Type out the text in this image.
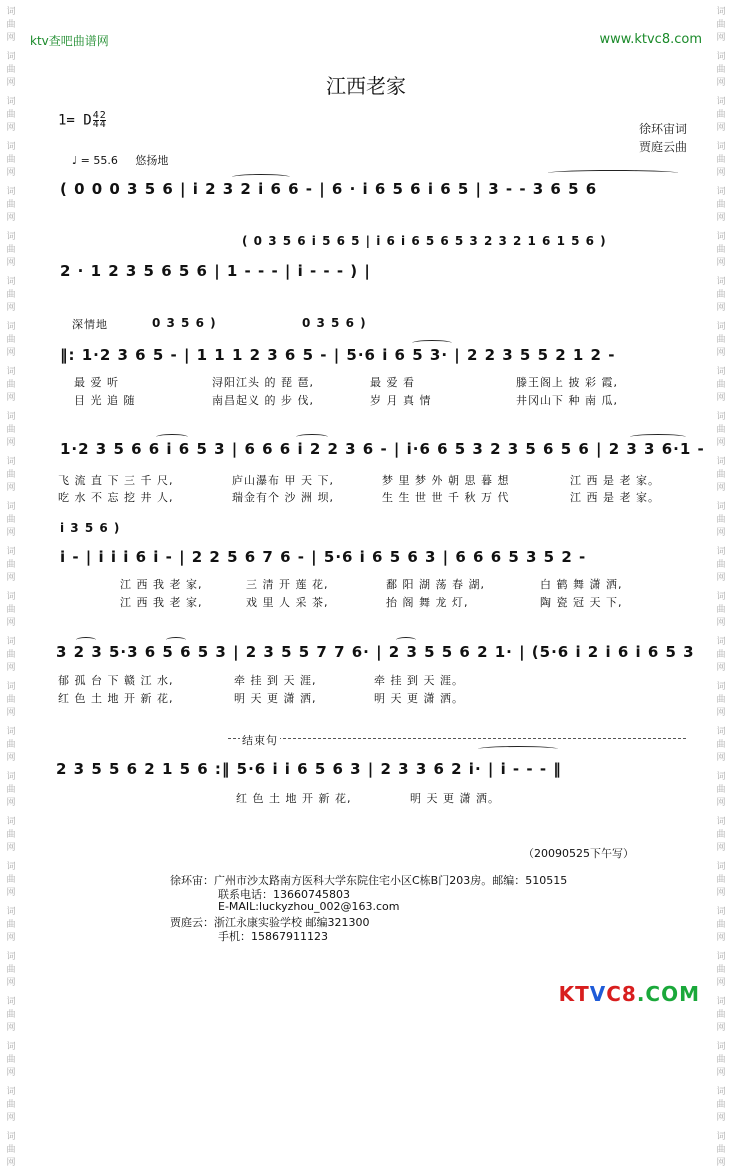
词
曲
网
词
曲
网
词
曲
网
词
曲
网
词
曲
网
词
曲
网
词
曲
网
词
曲
网
词
曲
网
词
曲
网
词
曲
网
词
曲
网
词
曲
网
词
曲
网
词
曲
网
词
曲
网
词
曲
网
词
曲
网
词
曲
网
词
曲
网
词
曲
网
词
曲
网
词
曲
网
词
曲
网
词
曲
网
词
曲
网
词
曲
网
词
曲
网
词
曲
网
词
曲
网
词
曲
网
词
曲
网
词
曲
网
词
曲
网
词
曲
网
词
曲
网
词
曲
网
词
曲
网
词
曲
网
词
曲
网
词
曲
网
词
曲
网
词
曲
网
词
曲
网
词
曲
网
词
曲
网
词
曲
网
词
曲
网
词
曲
网
词
曲
网
词
曲
网
词
曲
网
ktv查吧曲谱网	www.ktvc8.com
江西老家
1= D $\frac{4}{4} \frac{2}{4}$	徐环宙词
贾庭云曲
♩ = 55.6 悠扬地
( 0 0 0 3 5 6 | i 2 3 2 i 6 6 - | 6 · i 6 5 6 i 6 5 | 3 - - 3 6 5 6
( 0 3 5 6 i 5 6 5 | i 6 i 6 5 6 5 3 2 3 2 1 6 1 5 6 )
2 · 1 2 3 5 6 5 6 | 1 - - - | i - - - ) |
深情地	0 3 5 6 )	0 3 5 6 )
‖: 1·2 3 6 5 - | 1 1 1 2 3 6 5 - | 5·6 i 6 5 3· | 2 2 3 5 5 2 1 2 -
最 爱 听	浔阳江头 的 琵 琶,	最 爱 看	滕王阁上 披 彩 霞,
目 光 追 随	南昌起义 的 步 伐,	岁 月 真 情	井冈山下 种 南 瓜,
1·2 3 5 6 6 i 6 5 3 | 6 6 6 i 2 2 3 6 - | i·6 6 5 3 2 3 5 6 5 6 | 2 3 3 6·1 -
飞 流 直 下 三 千 尺,	庐山瀑布 甲 天 下,	梦 里 梦 外 朝 思 暮 想	江 西 是 老 家。
吃 水 不 忘 挖 井 人,	瑞金有个 沙 洲 坝,	生 生 世 世 千 秋 万 代	江 西 是 老 家。
i 3 5 6 )
i - | i i i 6 i - | 2 2 5 6 7 6 - | 5·6 i 6 5 6 3 | 6 6 6 5 3 5 2 -
江 西 我 老 家,	三 清 开 莲 花,	鄱 阳 湖 荡 春 湖,	白 鹤 舞 潇 洒,
江 西 我 老 家,	戏 里 人 采 茶,	抬 阁 舞 龙 灯,	陶 瓷 冠 天 下,
3 2 3 5·3 6 5 6 5 3 | 2 3 5 5 7 7 6· | 2 3 5 5 6 2 1· | (5·6 i 2 i 6 i 6 5 3
郁 孤 台 下 赣 江 水,	牵 挂 到 天 涯,	牵 挂 到 天 涯。
红 色 土 地 开 新 花,	明 天 更 潇 洒,	明 天 更 潇 洒。
结束句
2 3 5 5 6 2 1 5 6 :‖ 5·6 i i 6 5 6 3 | 2 3 3 6 2 i· | i - - - ‖
红 色 土 地 开 新 花,	明 天 更 潇 洒。
（20090525下午写）
徐环宙：广州市沙太路南方医科大学东院住宅小区C栋B门203房。邮编：510515
联系电话：13660745803
E-MAIL:luckyzhou_002@163.com
贾庭云：浙江永康实验学校 邮编321300
手机：15867911123
KTVC8.COM
